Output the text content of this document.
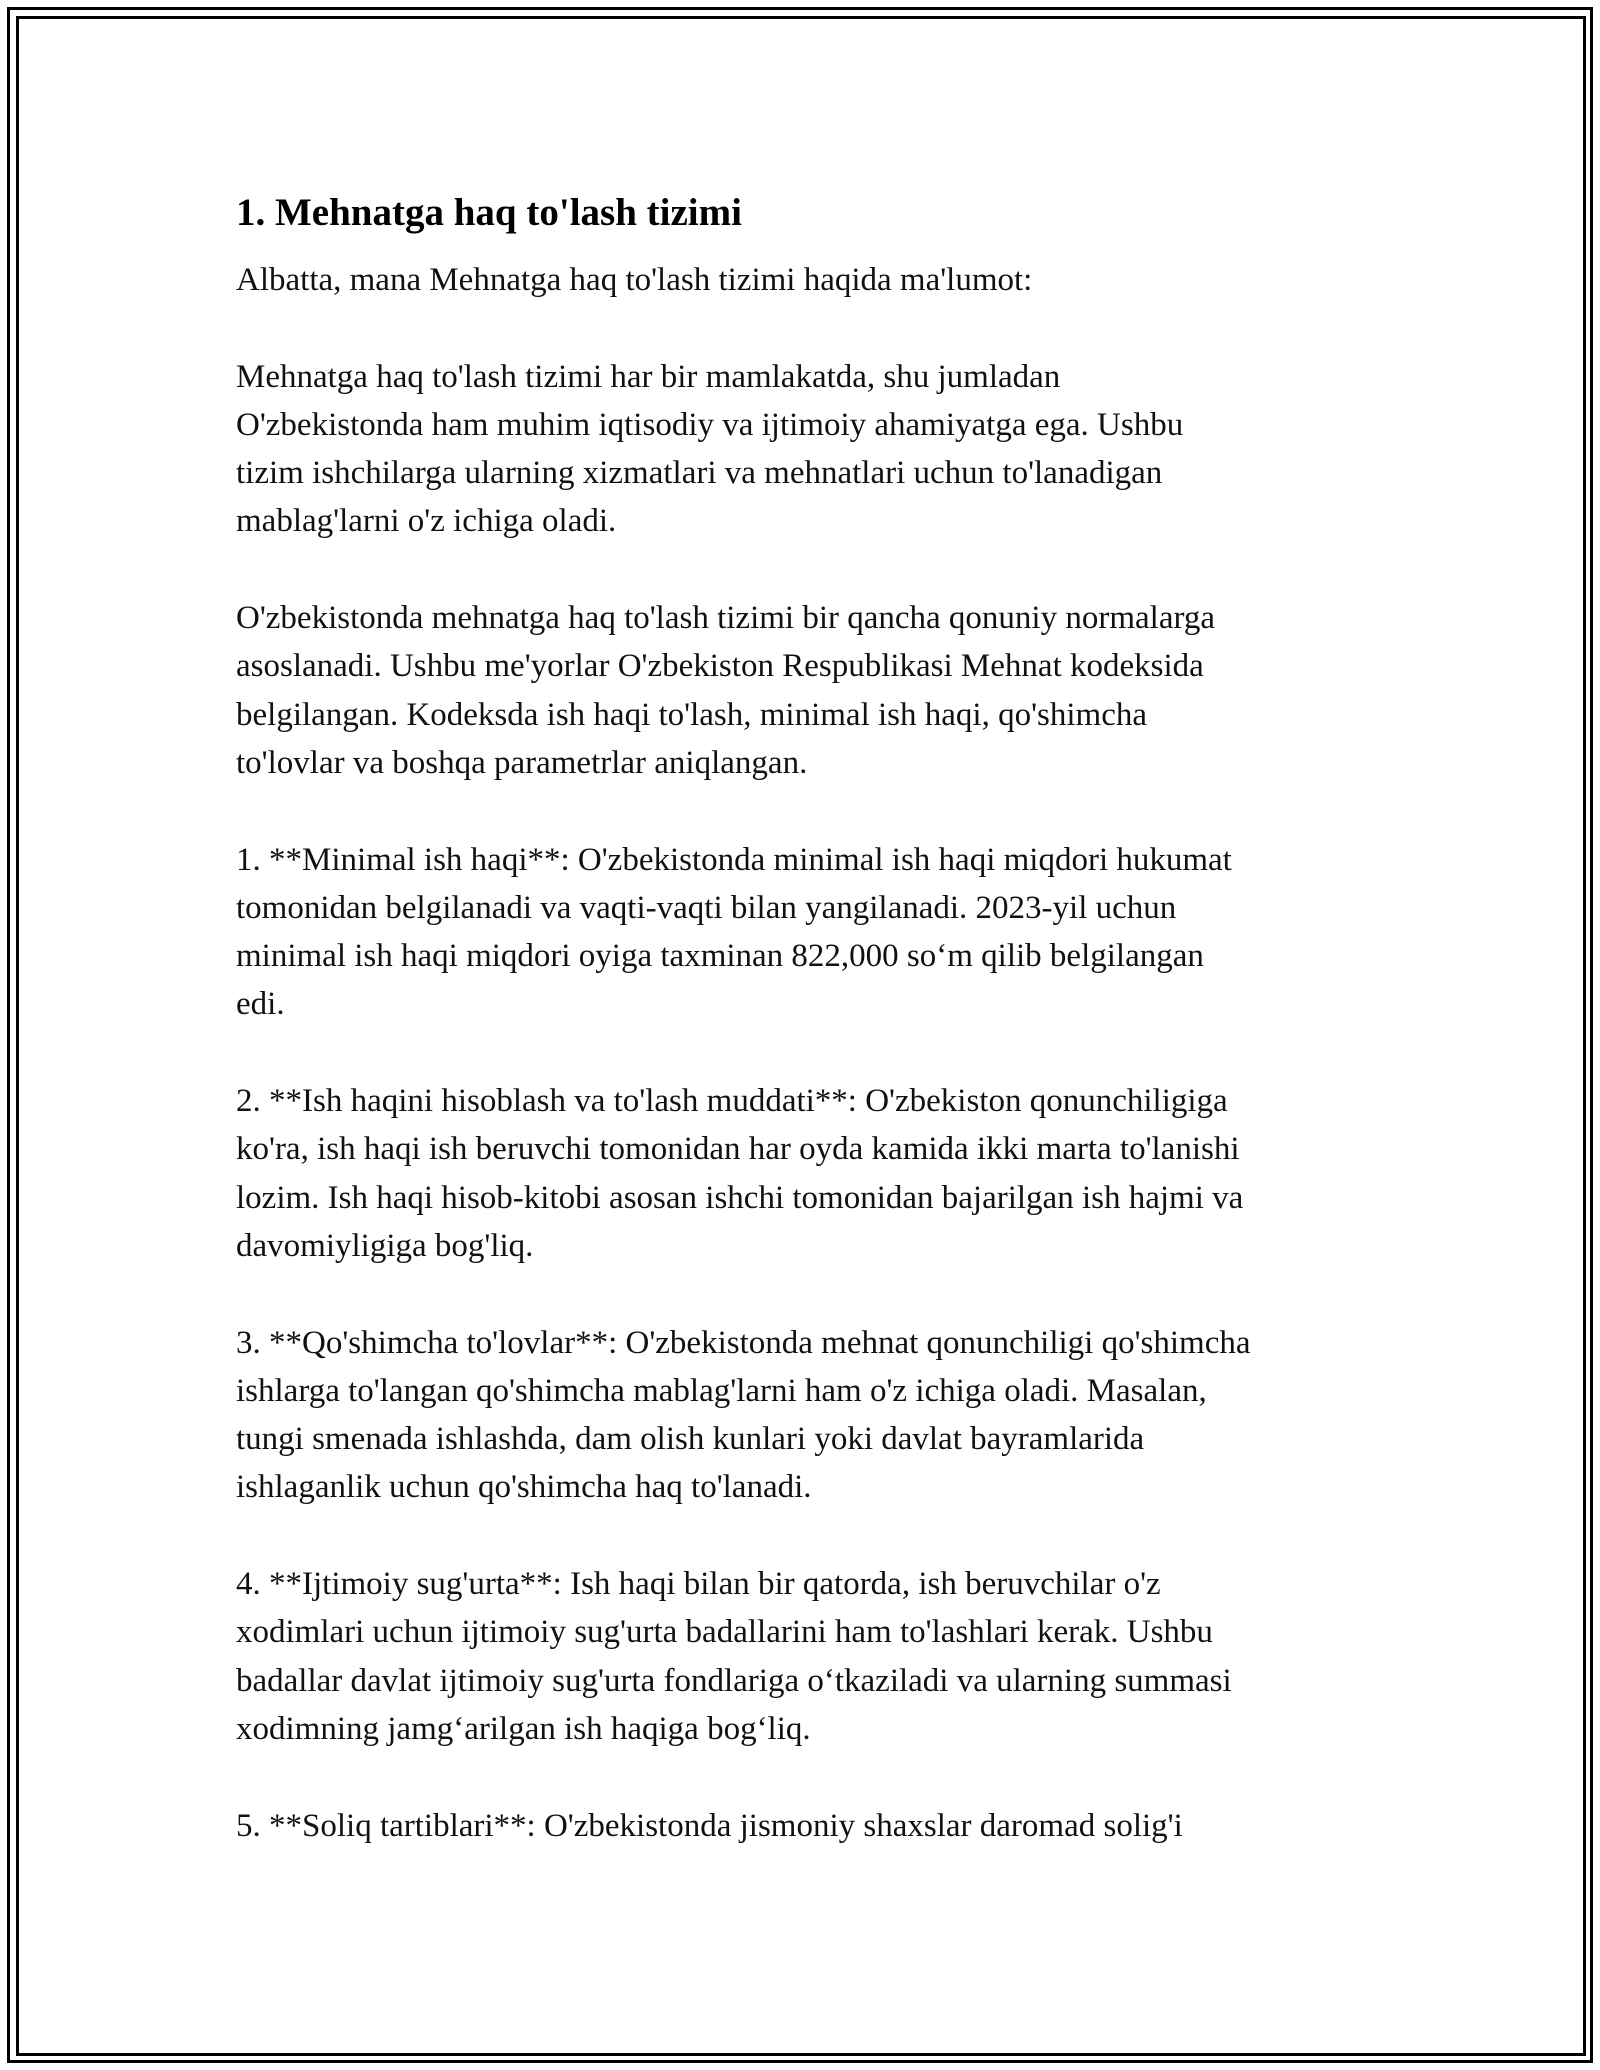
1. Mehnatga haq to'lash tizimi

Albatta, mana Mehnatga haq to'lash tizimi haqida ma'lumot:

Mehnatga haq to'lash tizimi har bir mamlakatda, shu jumladan
O'zbekistonda ham muhim iqtisodiy va ijtimoiy ahamiyatga ega. Ushbu
tizim ishchilarga ularning xizmatlari va mehnatlari uchun to'lanadigan
mablag'larni o'z ichiga oladi.

O'zbekistonda mehnatga haq to'lash tizimi bir qancha qonuniy normalarga
asoslanadi. Ushbu me'yorlar O'zbekiston Respublikasi Mehnat kodeksida
belgilangan. Kodeksda ish haqi to'lash, minimal ish haqi, qo'shimcha
to'lovlar va boshqa parametrlar aniqlangan.

1. **Minimal ish haqi**: O'zbekistonda minimal ish haqi miqdori hukumat
tomonidan belgilanadi va vaqti-vaqti bilan yangilanadi. 2023-yil uchun
minimal ish haqi miqdori oyiga taxminan 822,000 so‘m qilib belgilangan
edi.

2. **Ish haqini hisoblash va to'lash muddati**: O'zbekiston qonunchiligiga
ko'ra, ish haqi ish beruvchi tomonidan har oyda kamida ikki marta to'lanishi
lozim. Ish haqi hisob-kitobi asosan ishchi tomonidan bajarilgan ish hajmi va
davomiyligiga bog'liq.

3. **Qo'shimcha to'lovlar**: O'zbekistonda mehnat qonunchiligi qo'shimcha
ishlarga to'langan qo'shimcha mablag'larni ham o'z ichiga oladi. Masalan,
tungi smenada ishlashda, dam olish kunlari yoki davlat bayramlarida
ishlaganlik uchun qo'shimcha haq to'lanadi.

4. **Ijtimoiy sug'urta**: Ish haqi bilan bir qatorda, ish beruvchilar o'z
xodimlari uchun ijtimoiy sug'urta badallarini ham to'lashlari kerak. Ushbu
badallar davlat ijtimoiy sug'urta fondlariga o‘tkaziladi va ularning summasi
xodimning jamg‘arilgan ish haqiga bog‘liq.

5. **Soliq tartiblari**: O'zbekistonda jismoniy shaxslar daromad solig'i
